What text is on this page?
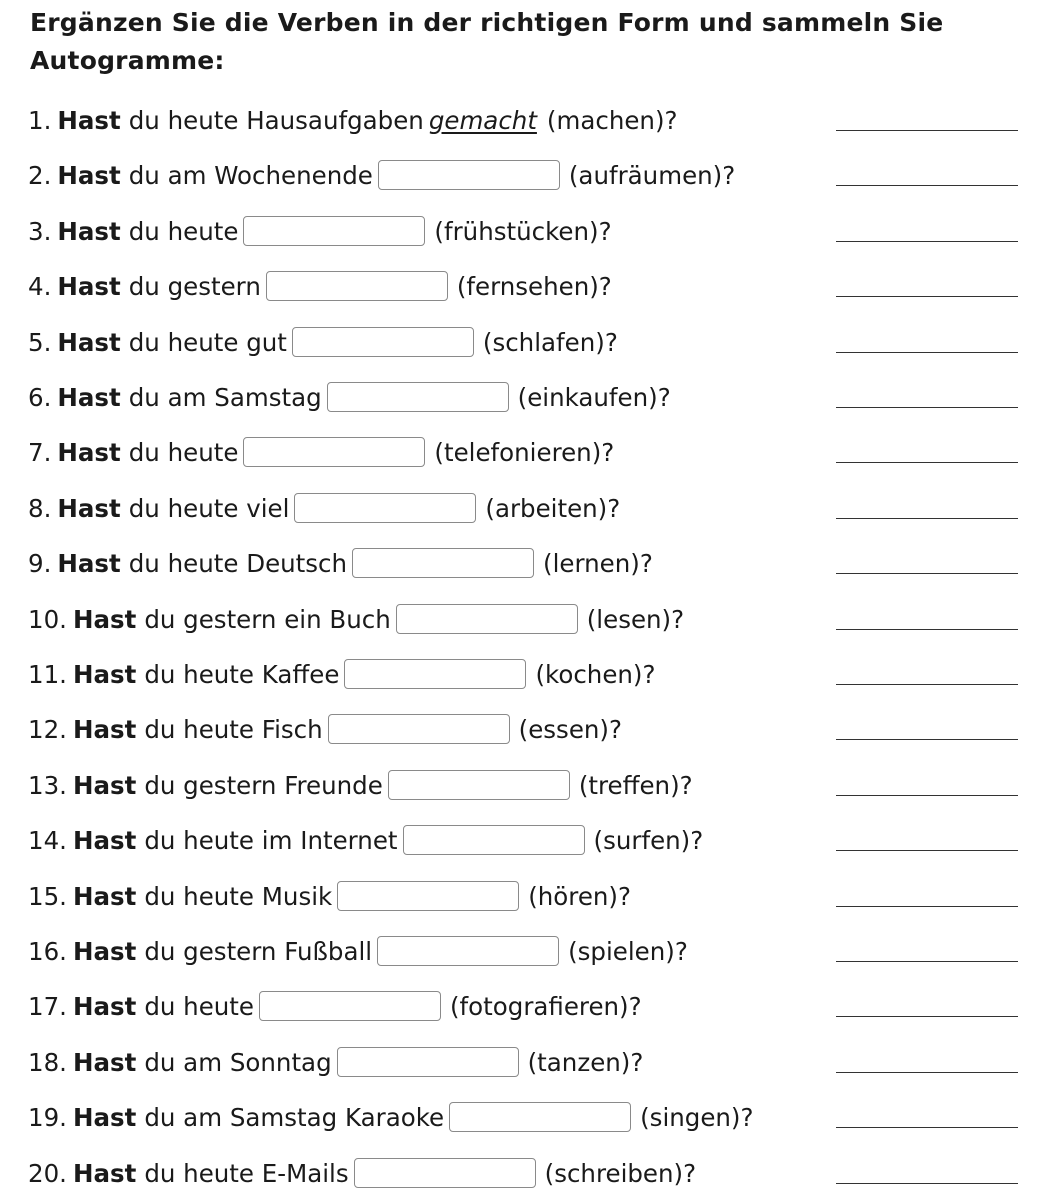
Ergänzen Sie die Verben in der richtigen Form und sammeln Sie Autogramme:
1. Hast du heute Hausaufgaben gemacht (machen)?
2. Hast du am Wochenende	(aufräumen)?
3. Hast du heute	(frühstücken)?
4. Hast du gestern	(fernsehen)?
5. Hast du heute gut	(schlafen)?
6. Hast du am Samstag	(einkaufen)?
7. Hast du heute	(telefonieren)?
8. Hast du heute viel	(arbeiten)?
9. Hast du heute Deutsch	(lernen)?
10. Hast du gestern ein Buch	(lesen)?
11. Hast du heute Kaffee	(kochen)?
12. Hast du heute Fisch	(essen)?
13. Hast du gestern Freunde	(treffen)?
14. Hast du heute im Internet	(surfen)?
15. Hast du heute Musik	(hören)?
16. Hast du gestern Fußball	(spielen)?
17. Hast du heute	(fotografieren)?
18. Hast du am Sonntag	(tanzen)?
19. Hast du am Samstag Karaoke	(singen)?
20. Hast du heute E-Mails	(schreiben)?
